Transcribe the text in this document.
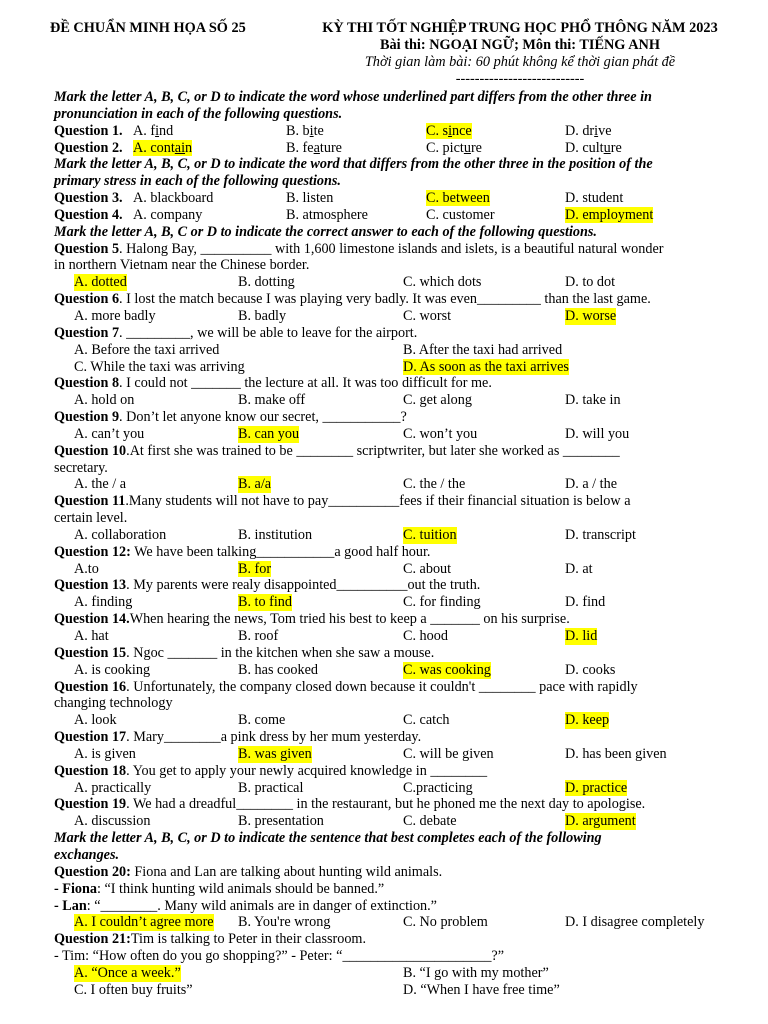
ĐỀ CHUẨN MINH HỌA SỐ 25	KỲ THI TỐT NGHIỆP TRUNG HỌC PHỔ THÔNG NĂM 2023
Bài thi: NGOẠI NGỮ; Môn thi: TIẾNG ANH
Thời gian làm bài: 60 phút không kể thời gian phát đề
---------------------------
Mark the letter A, B, C, or D to indicate the word whose underlined part differs from the other three in
pronunciation in each of the following questions.
Question 1. A. find	B. bite	C. since	D. drive
Question 2. A. contain	B. feature	C. picture	D. culture
Mark the letter A, B, C, or D to indicate the word that differs from the other three in the position of the
primary stress in each of the following questions.
Question 3. A. blackboard	B. listen	C. between	D. student
Question 4. A. company	B. atmosphere	C. customer	D. employment
Mark the letter A, B, C or D to indicate the correct answer to each of the following questions.
Question 5. Halong Bay, __________ with 1,600 limestone islands and islets, is a beautiful natural wonder
in northern Vietnam near the Chinese border.
A. dotted	B. dotting	C. which dots	D. to dot
Question 6. I lost the match because I was playing very badly. It was even_________ than the last game.
A. more badly	B. badly	C. worst	D. worse
Question 7. _________, we will be able to leave for the airport.
A. Before the taxi arrived	B. After the taxi had arrived
C. While the taxi was arriving	D. As soon as the taxi arrives
Question 8. I could not _______ the lecture at all. It was too difficult for me.
A. hold on	B. make off	C. get along	D. take in
Question 9. Don’t let anyone know our secret, ___________?
A. can’t you	B. can you	C. won’t you	D. will you
Question 10.At first she was trained to be ________ scriptwriter, but later she worked as ________
secretary.
A. the / a	B. a/a	C. the / the	D. a / the
Question 11.Many students will not have to pay__________fees if their financial situation is below a
certain level.
A. collaboration	B. institution	C. tuition	D. transcript
Question 12: We have been talking___________a good half hour.
A.to	B. for	C. about	D. at
Question 13. My parents were realy disappointed__________out the truth.
A. finding	B. to find	C. for finding	D. find
Question 14.When hearing the news, Tom tried his best to keep a _______ on his surprise.
A. hat	B. roof	C. hood	D. lid
Question 15. Ngoc _______ in the kitchen when she saw a mouse.
A. is cooking	B. has cooked	C. was cooking	D. cooks
Question 16. Unfortunately, the company closed down because it couldn't ________ pace with rapidly
changing technology
A. look	B. come	C. catch	D. keep
Question 17. Mary________a pink dress by her mum yesterday.
A. is given	B. was given	C. will be given	D. has been given
Question 18. You get to apply your newly acquired knowledge in ________
A. practically	B. practical	C.practicing	D. practice
Question 19. We had a dreadful________ in the restaurant, but he phoned me the next day to apologise.
A. discussion	B. presentation	C. debate	D. argument
Mark the letter A, B, C, or D to indicate the sentence that best completes each of the following
exchanges.
Question 20: Fiona and Lan are talking about hunting wild animals.
- Fiona: “I think hunting wild animals should be banned.”
- Lan: “________. Many wild animals are in danger of extinction.”
A. I couldn’t agree more B. You're wrong	C. No problem	D. I disagree completely
Question 21:Tim is talking to Peter in their classroom.
- Tim: “How often do you go shopping?” - Peter: “_____________________?”
A. “Once a week.”	B. “I go with my mother”
C. I often buy fruits”	D. “When I have free time”
